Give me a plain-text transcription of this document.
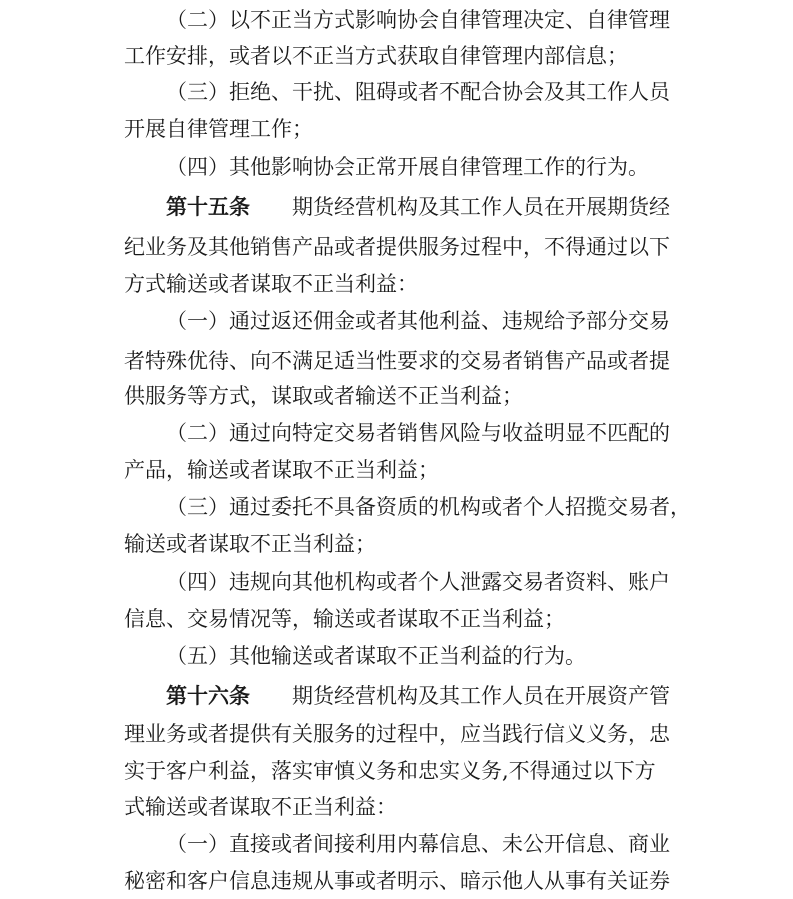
（二）以不正当方式影响协会自律管理决定、自律管理
工作安排，或者以不正当方式获取自律管理内部信息；
（三）拒绝、干扰、阻碍或者不配合协会及其工作人员
开展自律管理工作；
（四）其他影响协会正常开展自律管理工作的行为。
第十五条 期货经营机构及其工作人员在开展期货经
纪业务及其他销售产品或者提供服务过程中，不得通过以下
方式输送或者谋取不正当利益：
（一）通过返还佣金或者其他利益、违规给予部分交易
者特殊优待、向不满足适当性要求的交易者销售产品或者提
供服务等方式，谋取或者输送不正当利益；
（二）通过向特定交易者销售风险与收益明显不匹配的
产品，输送或者谋取不正当利益；
（三）通过委托不具备资质的机构或者个人招揽交易者，
输送或者谋取不正当利益；
（四）违规向其他机构或者个人泄露交易者资料、账户
信息、交易情况等，输送或者谋取不正当利益；
（五）其他输送或者谋取不正当利益的行为。
第十六条 期货经营机构及其工作人员在开展资产管
理业务或者提供有关服务的过程中，应当践行信义义务，忠
实于客户利益，落实审慎义务和忠实义务,不得通过以下方
式输送或者谋取不正当利益：
（一）直接或者间接利用内幕信息、未公开信息、商业
秘密和客户信息违规从事或者明示、暗示他人从事有关证券
